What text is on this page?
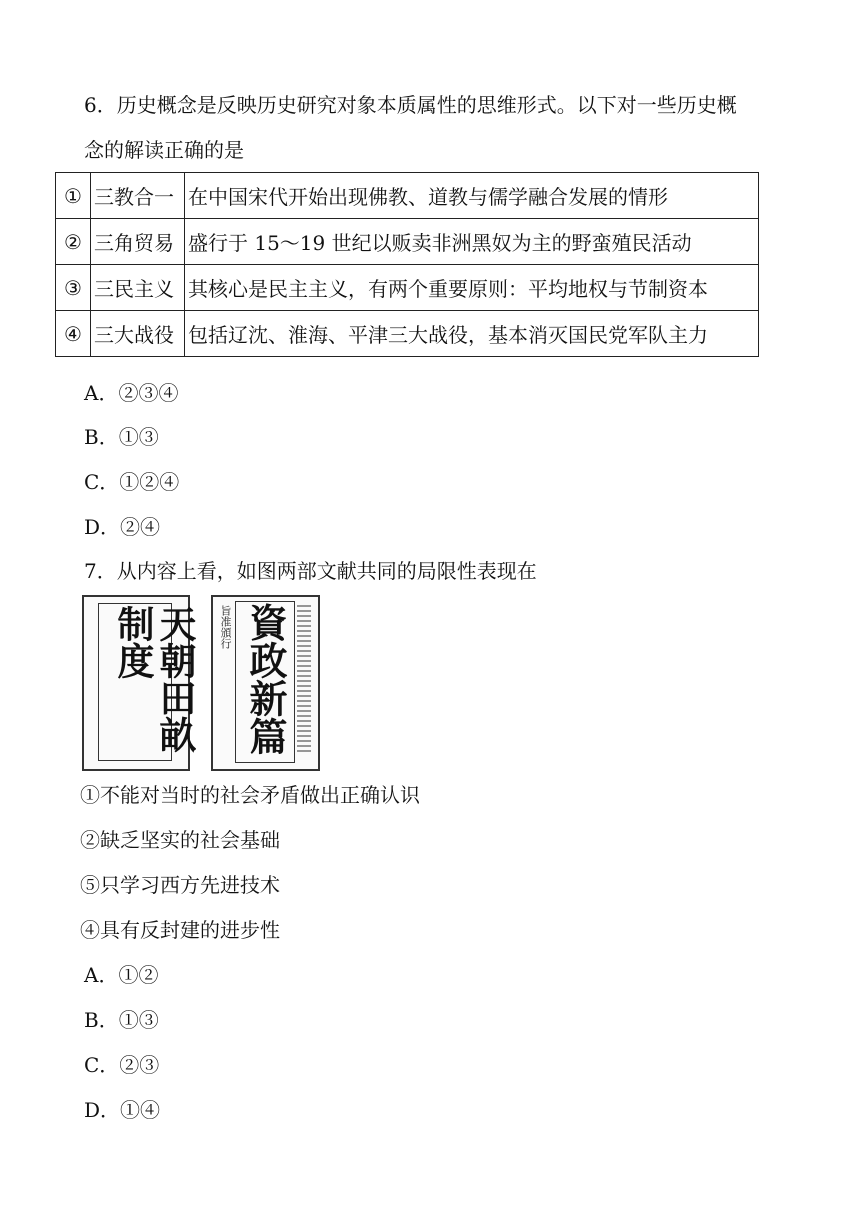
6．历史概念是反映历史研究对象本质属性的思维形式。以下对一些历史概
念的解读正确的是
①	三教合一	在中国宋代开始出现佛教、道教与儒学融合发展的情形
②	三角贸易	盛行于 15～19 世纪以贩卖非洲黑奴为主的野蛮殖民活动
③	三民主义	其核心是民主主义，有两个重要原则：平均地权与节制资本
④	三大战役	包括辽沈、淮海、平津三大战役，基本消灭国民党军队主力
A．②③④
B．①③
C．①②④
D．②④
7．从内容上看，如图两部文献共同的局限性表现在
天朝田畝制度	旨准頒行 資政新篇
①不能对当时的社会矛盾做出正确认识
②缺乏坚实的社会基础
⑤只学习西方先进技术
④具有反封建的进步性
A．①②
B．①③
C．②③
D．①④
